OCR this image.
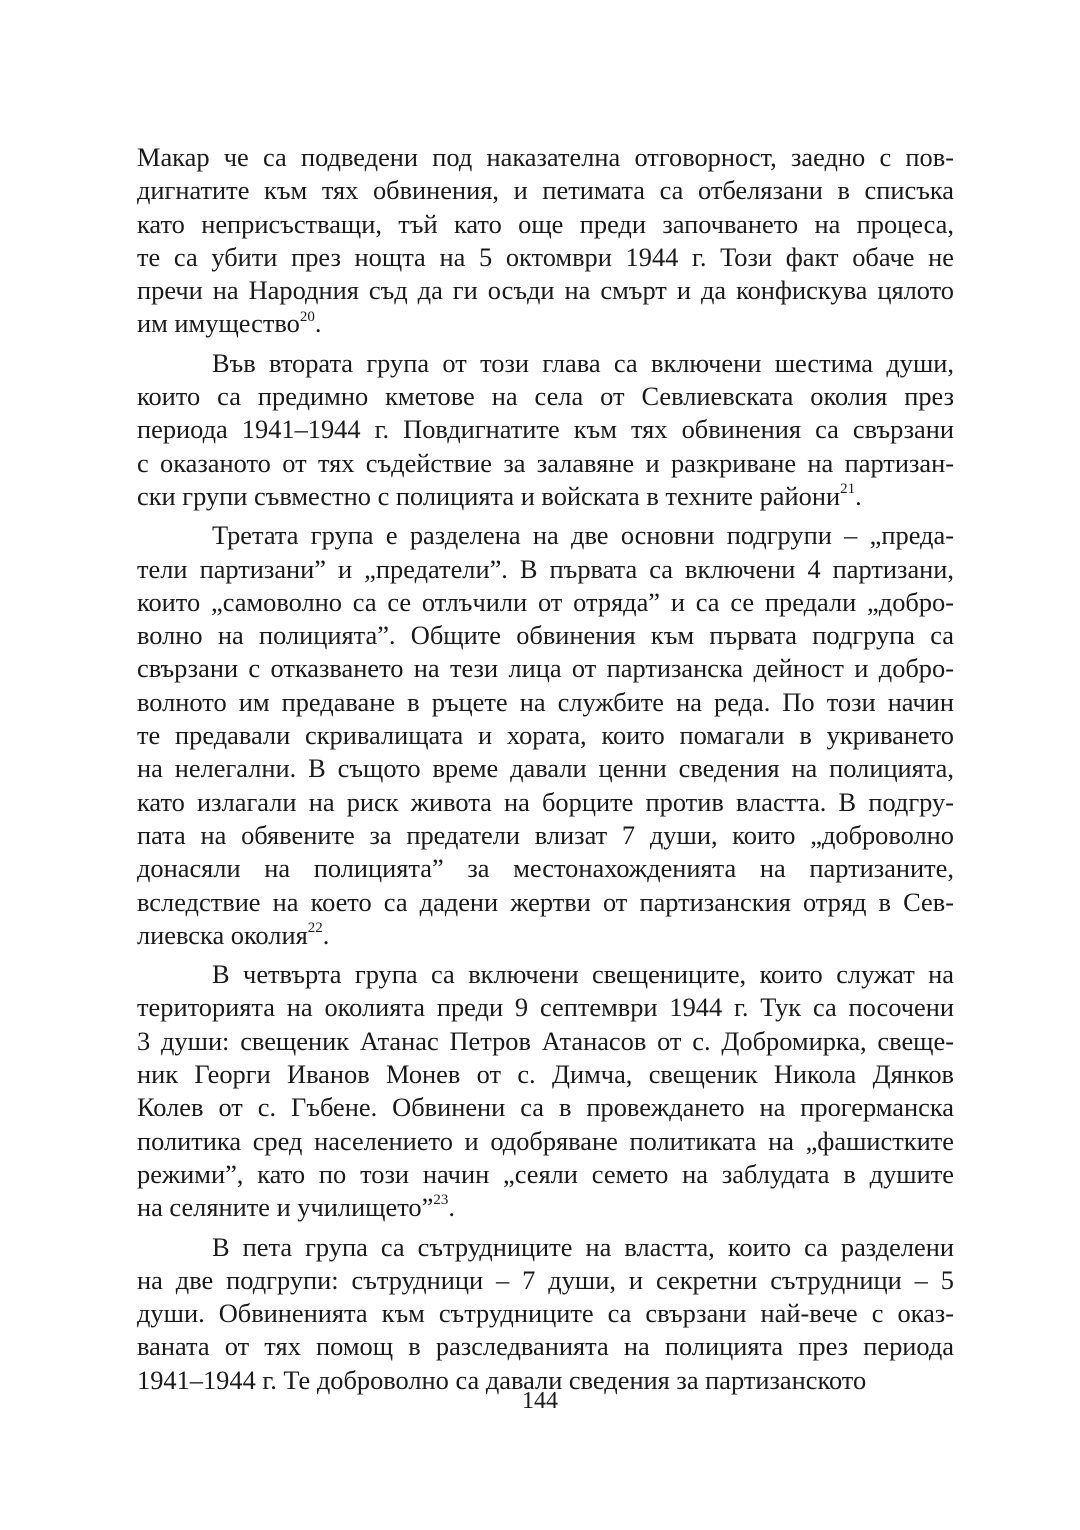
Макар че са подведени под наказателна отговорност, заедно с пов-
дигнатите към тях обвинения, и петимата са отбелязани в списъка
като неприсъстващи, тъй като още преди започването на процеса,
те са убити през нощта на 5 октомври 1944 г. Този факт обаче не
пречи на Народния съд да ги осъди на смърт и да конфискува цялото
им имущество$^{20}$.
Във втората група от този глава са включени шестима души,
които са предимно кметове на села от Севлиевската околия през
периода 1941–1944 г. Повдигнатите към тях обвинения са свързани
с оказаното от тях съдействие за залавяне и разкриване на партизан-
ски групи съвместно с полицията и войската в техните райони$^{21}$.
Третата група е разделена на две основни подгрупи – „преда-
тели партизани” и „предатели”. В първата са включени 4 партизани,
които „самоволно са се отлъчили от отряда” и са се предали „добро-
волно на полицията”. Общите обвинения към първата подгрупа са
свързани с отказването на тези лица от партизанска дейност и добро-
волното им предаване в ръцете на службите на реда. По този начин
те предавали скривалищата и хората, които помагали в укриването
на нелегални. В същото време давали ценни сведения на полицията,
като излагали на риск живота на борците против властта. В подгру-
пата на обявените за предатели влизат 7 души, които „доброволно
донасяли на полицията” за местонахожденията на партизаните,
вследствие на което са дадени жертви от партизанския отряд в Сев-
лиевска околия$^{22}$.
В четвърта група са включени свещениците, които служат на
територията на околията преди 9 септември 1944 г. Тук са посочени
3 души: свещеник Атанас Петров Атанасов от с. Добромирка, свеще-
ник Георги Иванов Монев от с. Димча, свещеник Никола Дянков
Колев от с. Гъбене. Обвинени са в провеждането на прогерманска
политика сред населението и одобряване политиката на „фашистките
режими”, като по този начин „сеяли семето на заблудата в душите
на селяните и училището”$^{23}$.
В пета група са сътрудниците на властта, които са разделени
на две подгрупи: сътрудници – 7 души, и секретни сътрудници – 5
души. Обвиненията към сътрудниците са свързани най-вече с оказ-
ваната от тях помощ в разследванията на полицията през периода
1941–1944 г. Те доброволно са давали сведения за партизанското
144
